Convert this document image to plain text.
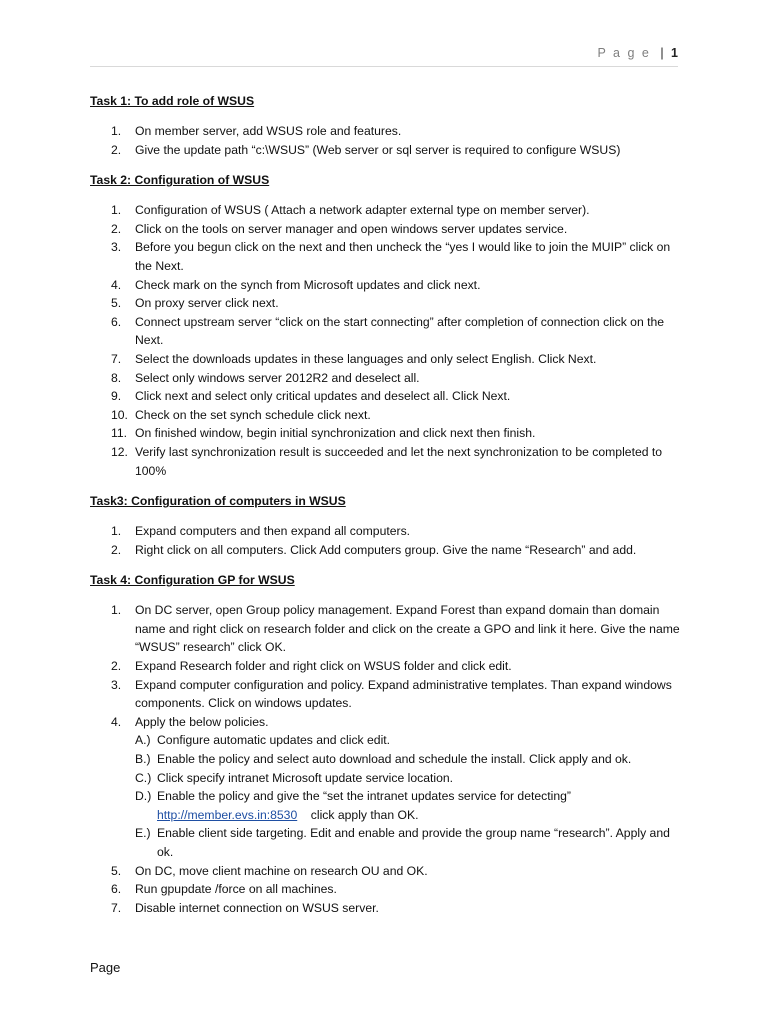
P a g e | 1
Task 1: To add role of WSUS
1. On member server, add WSUS role and features.
2. Give the update path “c:\WSUS” (Web server or sql server is required to configure WSUS)
Task 2: Configuration of WSUS
1. Configuration of WSUS ( Attach a network adapter external type on member server).
2. Click on the tools on server manager and open windows server updates service.
3. Before you begun click on the next and then uncheck the “yes I would like to join the MUIP” click on the Next.
4. Check mark on the synch from Microsoft updates and click next.
5. On proxy server click next.
6. Connect upstream server “click on the start connecting” after completion of connection click on the Next.
7. Select the downloads updates in these languages and only select English. Click Next.
8. Select only windows server 2012R2 and deselect all.
9. Click next and select only critical updates and deselect all. Click Next.
10. Check on the set synch schedule click next.
11. On finished window, begin initial synchronization and click next then finish.
12. Verify last synchronization result is succeeded and let the next synchronization to be completed to 100%
Task3: Configuration of computers in WSUS
1. Expand computers and then expand all computers.
2. Right click on all computers. Click Add computers group. Give the name “Research” and add.
Task 4: Configuration GP for WSUS
1. On DC server, open Group policy management. Expand Forest than expand domain than domain name and right click on research folder and click on the create a GPO and link it here. Give the name “WSUS” research” click OK.
2. Expand Research folder and right click on WSUS folder and click edit.
3. Expand computer configuration and policy. Expand administrative templates. Than expand windows components. Click on windows updates.
4. Apply the below policies.
A.) Configure automatic updates and click edit.
B.) Enable the policy and select auto download and schedule the install. Click apply and ok.
C.) Click specify intranet Microsoft update service location.
D.) Enable the policy and give the “set the intranet updates service for detecting”
http://member.evs.in:8530    click apply than OK.
E.) Enable client side targeting. Edit and enable and provide the group name “research”. Apply and ok.
5. On DC, move client machine on research OU and OK.
6. Run gpupdate /force on all machines.
7. Disable internet connection on WSUS server.
Page
